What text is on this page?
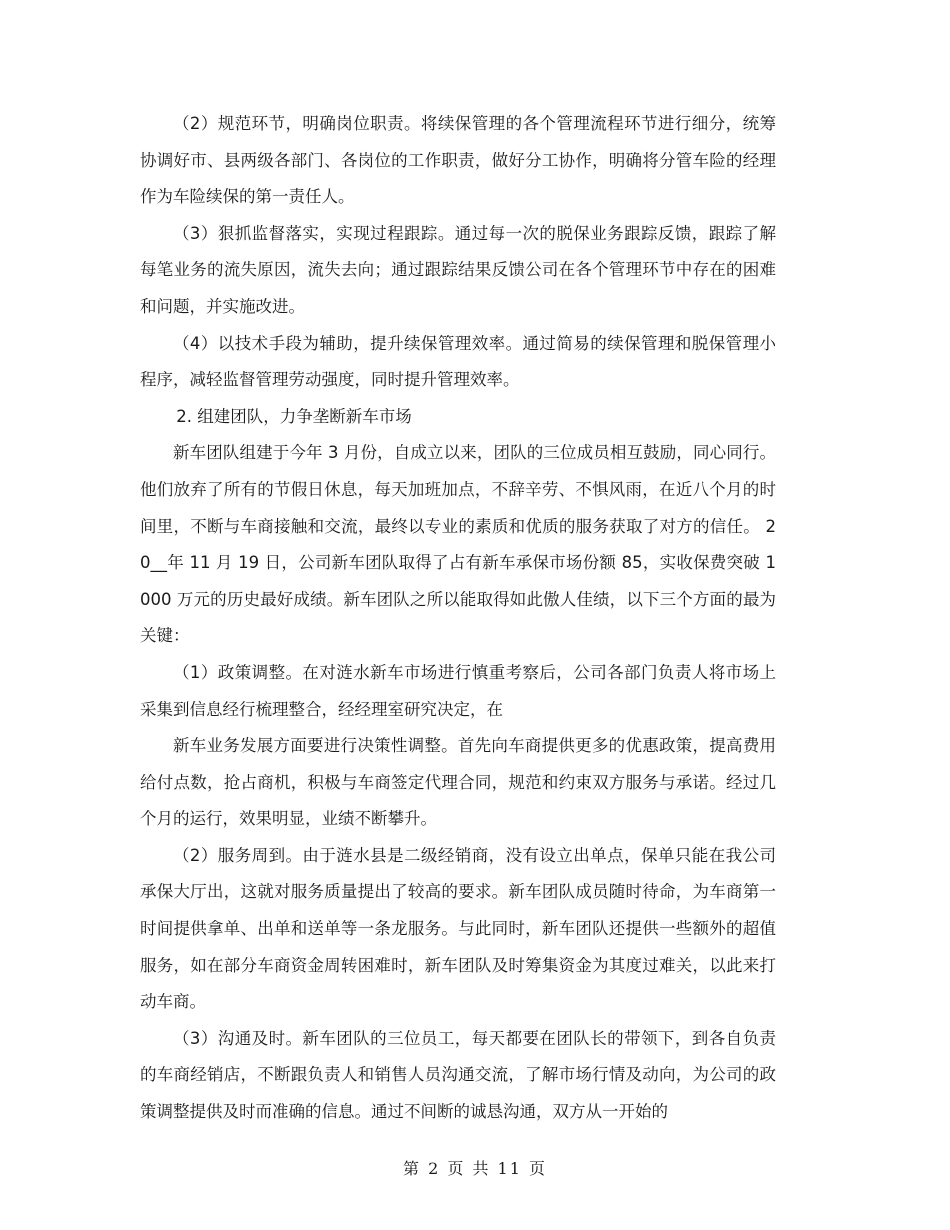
（2）规范环节，明确岗位职责。将续保管理的各个管理流程环节进行细分，统筹协调好市、县两级各部门、各岗位的工作职责，做好分工协作，明确将分管车险的经理作为车险续保的第一责任人。

（3）狠抓监督落实，实现过程跟踪。通过每一次的脱保业务跟踪反馈，跟踪了解每笔业务的流失原因，流失去向；通过跟踪结果反馈公司在各个管理环节中存在的困难和问题，并实施改进。

（4）以技术手段为辅助，提升续保管理效率。通过简易的续保管理和脱保管理小程序，减轻监督管理劳动强度，同时提升管理效率。

2. 组建团队，力争垄断新车市场

新车团队组建于今年 3 月份，自成立以来，团队的三位成员相互鼓励，同心同行。他们放弃了所有的节假日休息，每天加班加点，不辞辛劳、不惧风雨，在近八个月的时间里，不断与车商接触和交流，最终以专业的素质和优质的服务获取了对方的信任。 20__年 11 月 19 日，公司新车团队取得了占有新车承保市场份额 85，实收保费突破 1000 万元的历史最好成绩。新车团队之所以能取得如此傲人佳绩，以下三个方面的最为关键：

（1）政策调整。在对涟水新车市场进行慎重考察后，公司各部门负责人将市场上采集到信息经行梳理整合，经经理室研究决定，在

新车业务发展方面要进行决策性调整。首先向车商提供更多的优惠政策，提高费用给付点数，抢占商机，积极与车商签定代理合同，规范和约束双方服务与承诺。经过几个月的运行，效果明显，业绩不断攀升。

（2）服务周到。由于涟水县是二级经销商，没有设立出单点，保单只能在我公司承保大厅出，这就对服务质量提出了较高的要求。新车团队成员随时待命，为车商第一时间提供拿单、出单和送单等一条龙服务。与此同时，新车团队还提供一些额外的超值服务，如在部分车商资金周转困难时，新车团队及时筹集资金为其度过难关，以此来打动车商。

（3）沟通及时。新车团队的三位员工，每天都要在团队长的带领下，到各自负责的车商经销店，不断跟负责人和销售人员沟通交流，了解市场行情及动向，为公司的政策调整提供及时而准确的信息。通过不间断的诚恳沟通，双方从一开始的

第 2 页 共 11 页
